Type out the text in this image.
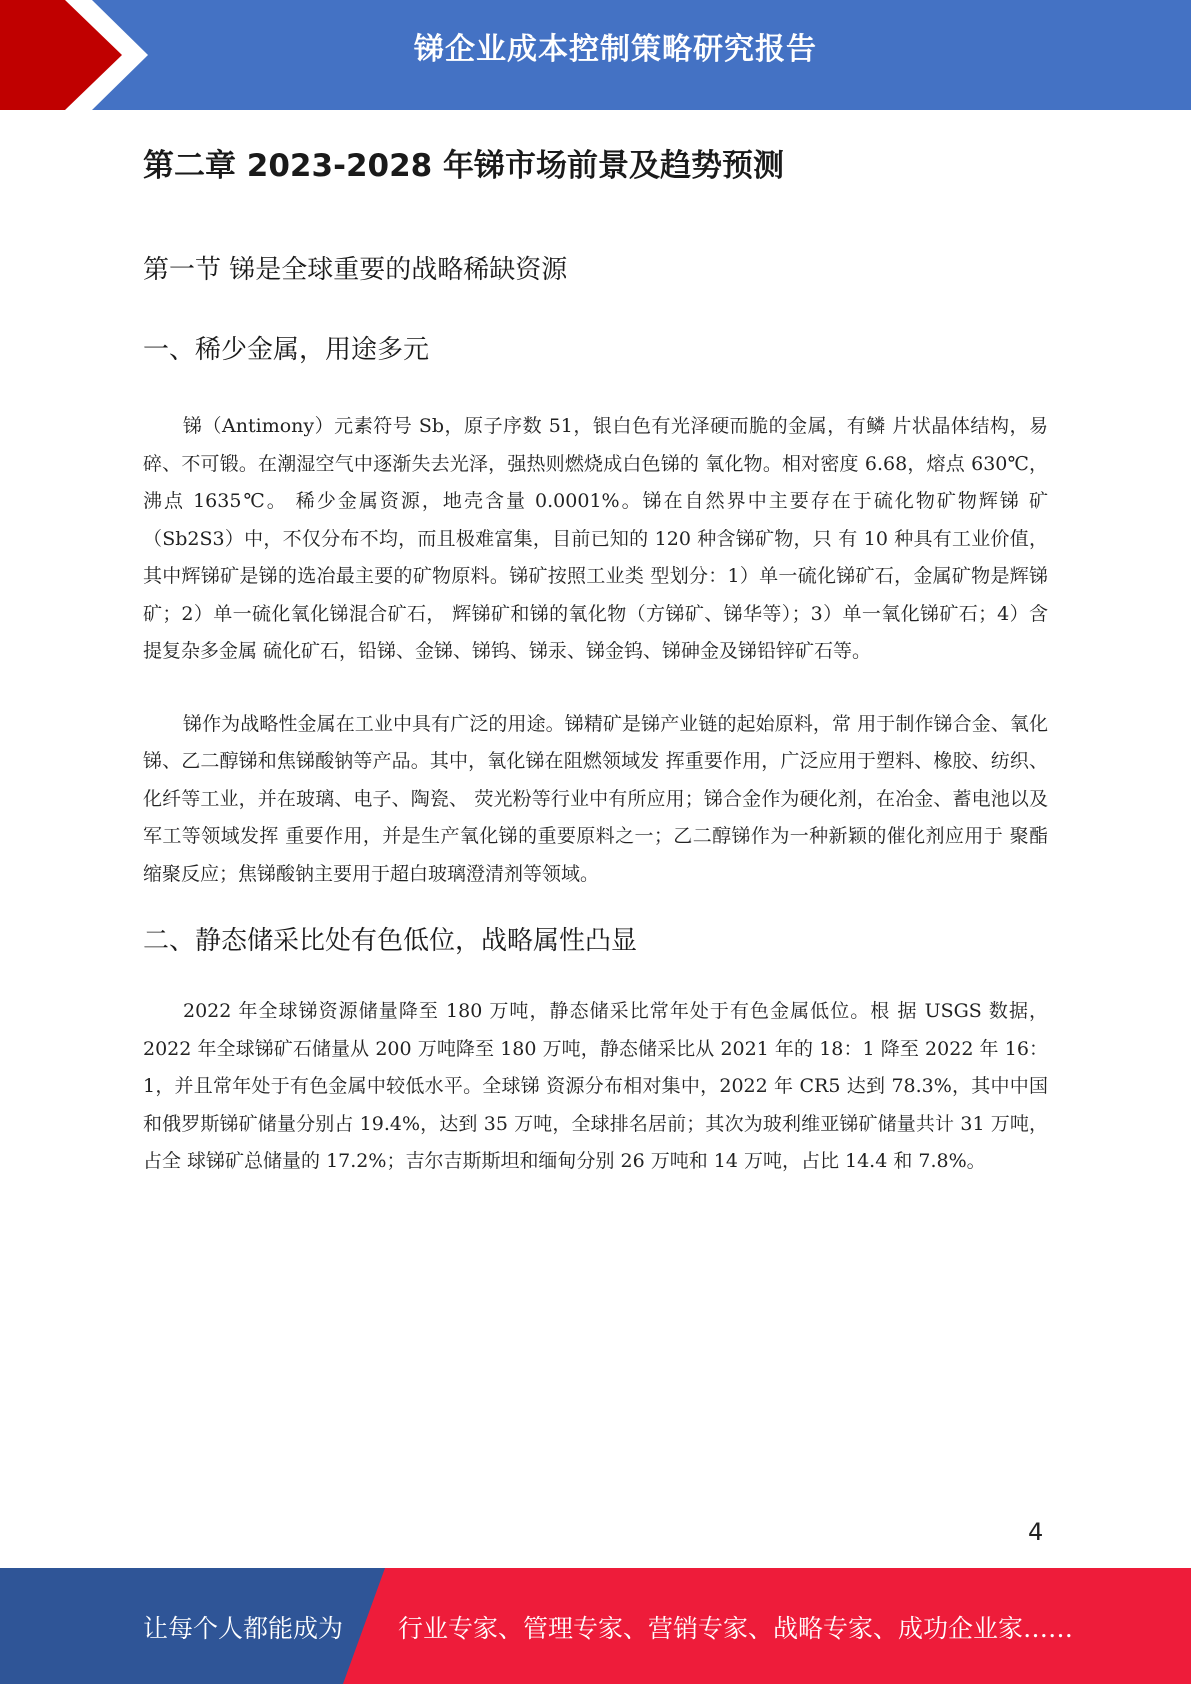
锑企业成本控制策略研究报告
第二章 2023-2028 年锑市场前景及趋势预测
第一节 锑是全球重要的战略稀缺资源
一、稀少金属，用途多元

锑（Antimony）元素符号 Sb，原子序数 51，银白色有光泽硬而脆的金属，有鳞 片状晶体结构，易碎、不可锻。在潮湿空气中逐渐失去光泽，强热则燃烧成白色锑的 氧化物。相对密度 6.68，熔点 630℃，沸点 1635℃。 稀少金属资源，地壳含量 0.0001%。锑在自然界中主要存在于硫化物矿物辉锑 矿（Sb2S3）中，不仅分布不均，而且极难富集，目前已知的 120 种含锑矿物，只 有 10 种具有工业价值，其中辉锑矿是锑的选冶最主要的矿物原料。锑矿按照工业类 型划分：1）单一硫化锑矿石，金属矿物是辉锑矿；2）单一硫化氧化锑混合矿石， 辉锑矿和锑的氧化物（方锑矿、锑华等）；3）单一氧化锑矿石；4）含提复杂多金属 硫化矿石，铅锑、金锑、锑钨、锑汞、锑金钨、锑砷金及锑铅锌矿石等。

锑作为战略性金属在工业中具有广泛的用途。锑精矿是锑产业链的起始原料，常 用于制作锑合金、氧化锑、乙二醇锑和焦锑酸钠等产品。其中，氧化锑在阻燃领域发 挥重要作用，广泛应用于塑料、橡胶、纺织、化纤等工业，并在玻璃、电子、陶瓷、 荧光粉等行业中有所应用；锑合金作为硬化剂，在冶金、蓄电池以及军工等领域发挥 重要作用，并是生产氧化锑的重要原料之一；乙二醇锑作为一种新颖的催化剂应用于 聚酯缩聚反应；焦锑酸钠主要用于超白玻璃澄清剂等领域。

二、静态储采比处有色低位，战略属性凸显

2022 年全球锑资源储量降至 180 万吨，静态储采比常年处于有色金属低位。根 据 USGS 数据，2022 年全球锑矿石储量从 200 万吨降至 180 万吨，静态储采比从 2021 年的 18：1 降至 2022 年 16：1，并且常年处于有色金属中较低水平。全球锑 资源分布相对集中，2022 年 CR5 达到 78.3%，其中中国和俄罗斯锑矿储量分别占 19.4%，达到 35 万吨，全球排名居前；其次为玻利维亚锑矿储量共计 31 万吨，占全 球锑矿总储量的 17.2%；吉尔吉斯斯坦和缅甸分别 26 万吨和 14 万吨，占比 14.4 和 7.8%。

4
让每个人都能成为 行业专家、管理专家、营销专家、战略专家、成功企业家……
